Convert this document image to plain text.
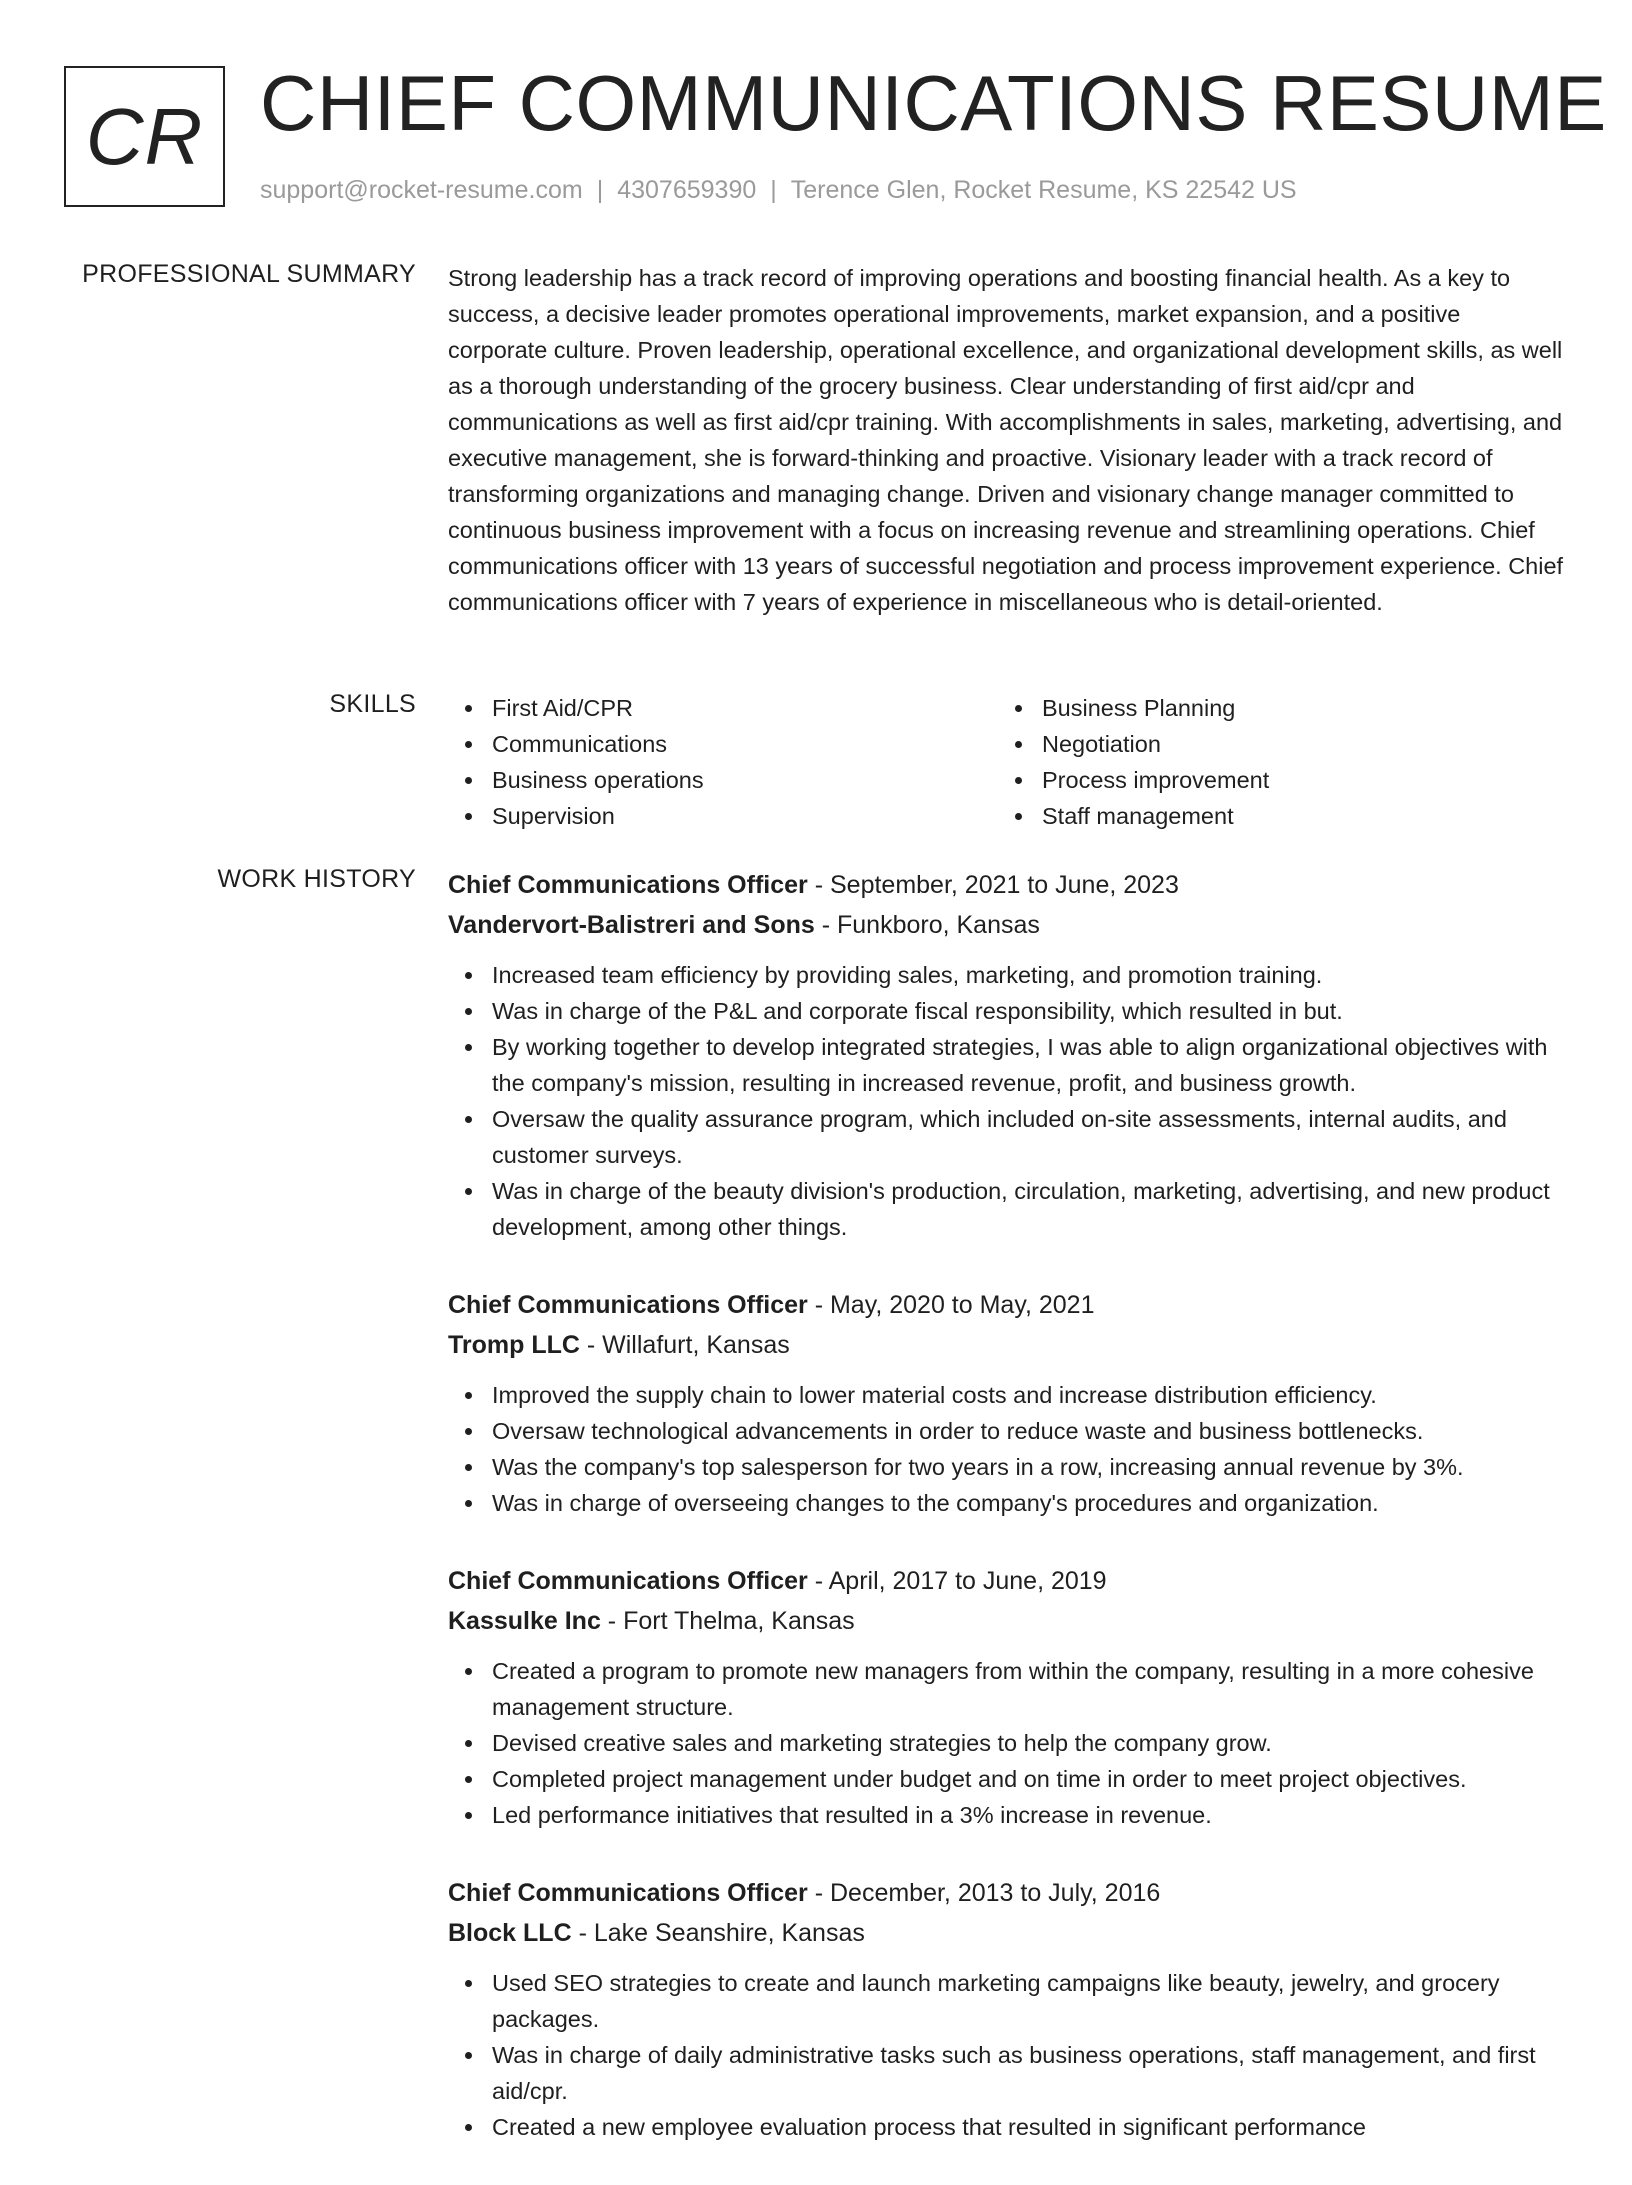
CR CHIEF COMMUNICATIONS RESUME
support@rocket-resume.com | 4307659390 | Terence Glen, Rocket Resume, KS 22542 US
PROFESSIONAL SUMMARY Strong leadership has a track record of improving operations and boosting financial health. As a key to success, a decisive leader promotes operational improvements, market expansion, and a positive corporate culture. Proven leadership, operational excellence, and organizational development skills, as well as a thorough understanding of the grocery business. Clear understanding of first aid/cpr and communications as well as first aid/cpr training. With accomplishments in sales, marketing, advertising, and executive management, she is forward-thinking and proactive. Visionary leader with a track record of transforming organizations and managing change. Driven and visionary change manager committed to continuous business improvement with a focus on increasing revenue and streamlining operations. Chief communications officer with 13 years of successful negotiation and process improvement experience. Chief communications officer with 7 years of experience in miscellaneous who is detail-oriented.

SKILLS	First Aid/CPR
Communications
Business operations
Supervision
Business Planning
Negotiation
Process improvement
Staff management
WORK HISTORY Chief Communications Officer - September, 2021 to June, 2023
Vandervort-Balistreri and Sons - Funkboro, Kansas
Increased team efficiency by providing sales, marketing, and promotion training.
Was in charge of the P&L and corporate fiscal responsibility, which resulted in but.
By working together to develop integrated strategies, I was able to align organizational objectives with the company's mission, resulting in increased revenue, profit, and business growth.
Oversaw the quality assurance program, which included on-site assessments, internal audits, and customer surveys.
Was in charge of the beauty division's production, circulation, marketing, advertising, and new product development, among other things.
Chief Communications Officer - May, 2020 to May, 2021
Tromp LLC - Willafurt, Kansas
Improved the supply chain to lower material costs and increase distribution efficiency.
Oversaw technological advancements in order to reduce waste and business bottlenecks.
Was the company's top salesperson for two years in a row, increasing annual revenue by 3%.
Was in charge of overseeing changes to the company's procedures and organization.
Chief Communications Officer - April, 2017 to June, 2019
Kassulke Inc - Fort Thelma, Kansas
Created a program to promote new managers from within the company, resulting in a more cohesive management structure.
Devised creative sales and marketing strategies to help the company grow.
Completed project management under budget and on time in order to meet project objectives.
Led performance initiatives that resulted in a 3% increase in revenue.
Chief Communications Officer - December, 2013 to July, 2016
Block LLC - Lake Seanshire, Kansas
Used SEO strategies to create and launch marketing campaigns like beauty, jewelry, and grocery packages.
Was in charge of daily administrative tasks such as business operations, staff management, and first aid/cpr.
Created a new employee evaluation process that resulted in significant performance
